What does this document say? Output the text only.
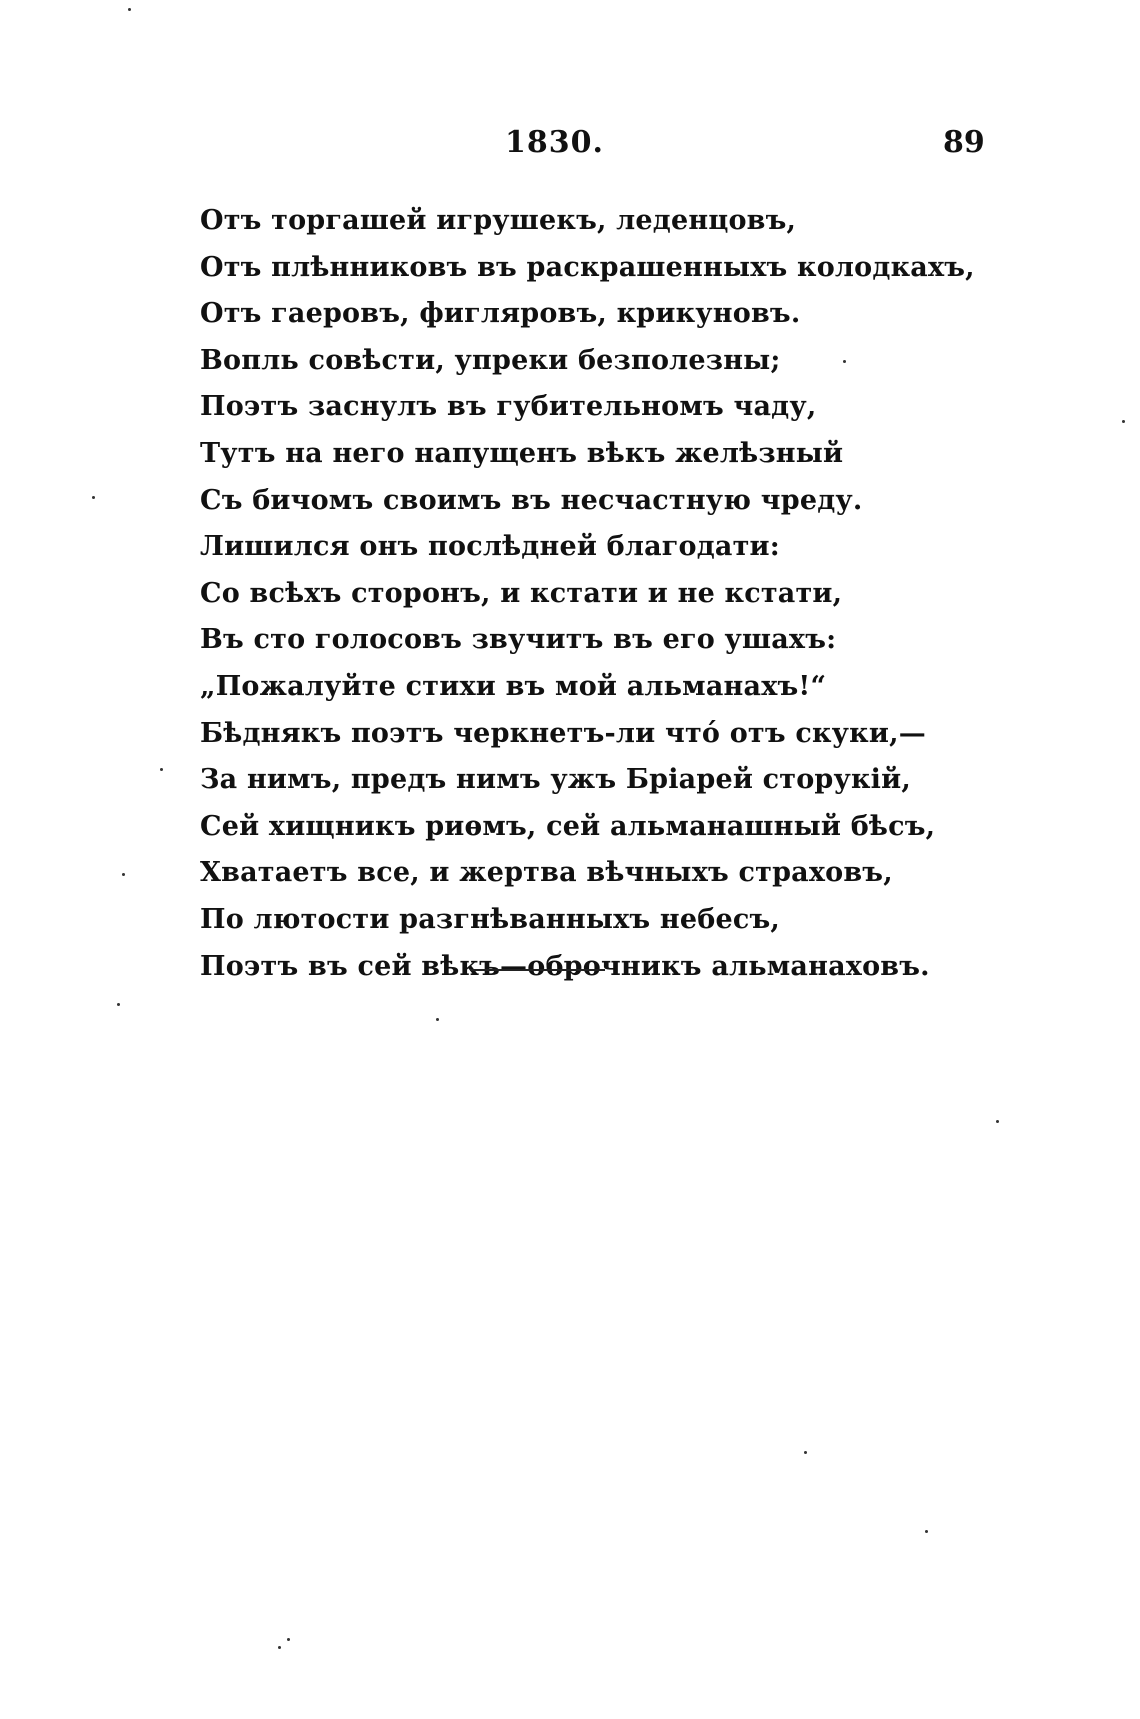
1830.	89
Отъ торгашей игрушекъ, леденцовъ,
Отъ плѣнниковъ въ раскрашенныхъ колодкахъ,
Отъ гаеровъ, фигляровъ, крикуновъ.
Вопль совѣсти, упреки безполезны;
Поэтъ заснулъ въ губительномъ чаду,
Тутъ на него напущенъ вѣкъ желѣзный
Съ бичомъ своимъ въ несчастную чреду.
Лишился онъ послѣдней благодати:
Со всѣхъ сторонъ, и кстати и не кстати,
Въ сто голосовъ звучитъ въ его ушахъ:
„Пожалуйте стихи въ мой альманахъ!“
Бѣднякъ поэтъ черкнетъ-ли что́ отъ скуки,—
За нимъ, предъ нимъ ужъ Бріарей сторукій,
Сей хищникъ риѳмъ, сей альманашный бѣсъ,
Хватаетъ все, и жертва вѣчныхъ страховъ,
По лютости разгнѣванныхъ небесъ,
Поэтъ въ сей вѣкъ—оброчникъ альманаховъ.
